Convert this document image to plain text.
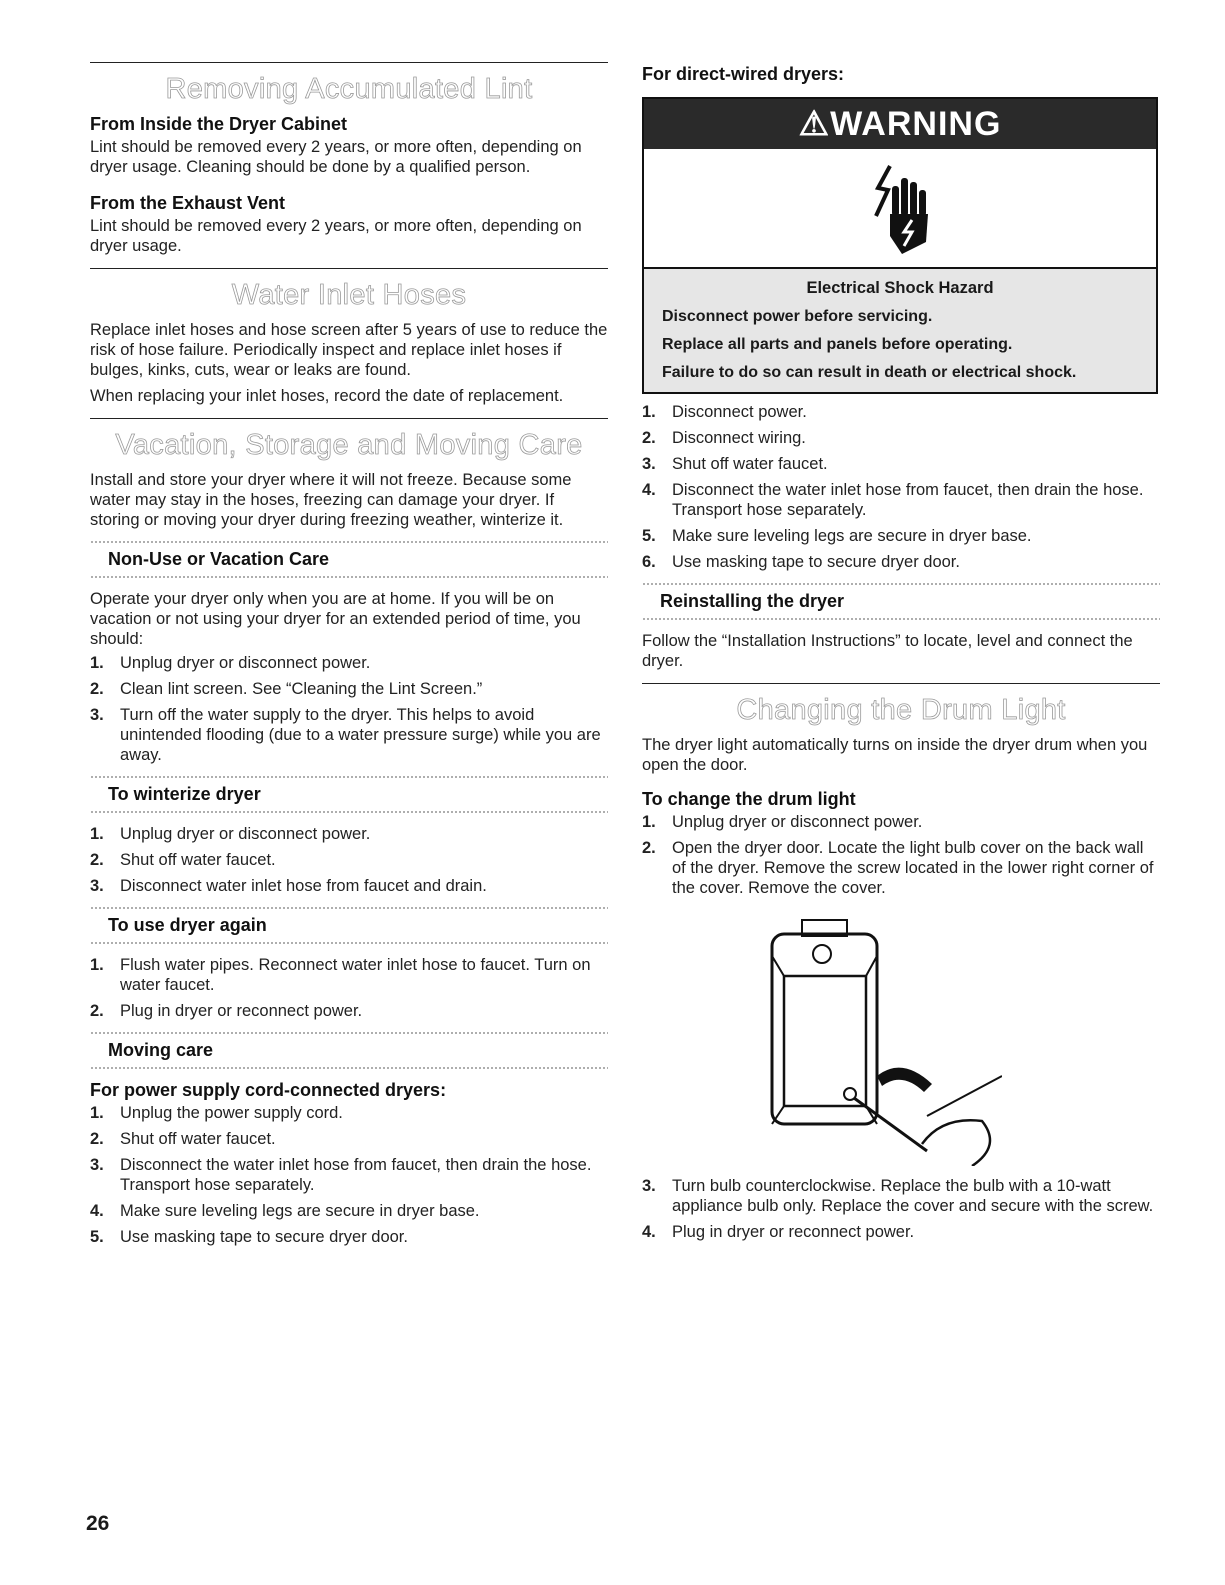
Removing Accumulated Lint
From Inside the Dryer Cabinet

Lint should be removed every 2 years, or more often, depending on dryer usage. Cleaning should be done by a qualified person.

From the Exhaust Vent

Lint should be removed every 2 years, or more often, depending on dryer usage.

Water Inlet Hoses

Replace inlet hoses and hose screen after 5 years of use to reduce the risk of hose failure. Periodically inspect and replace inlet hoses if bulges, kinks, cuts, wear or leaks are found.

When replacing your inlet hoses, record the date of replacement.

Vacation, Storage and Moving Care

Install and store your dryer where it will not freeze. Because some water may stay in the hoses, freezing can damage your dryer. If storing or moving your dryer during freezing weather, winterize it.

Non-Use or Vacation Care

Operate your dryer only when you are at home. If you will be on vacation or not using your dryer for an extended period of time, you should:

1. Unplug dryer or disconnect power.
2. Clean lint screen. See “Cleaning the Lint Screen.”
3. Turn off the water supply to the dryer. This helps to avoid unintended flooding (due to a water pressure surge) while you are away.
To winterize dryer
1. Unplug dryer or disconnect power.
2. Shut off water faucet.
3. Disconnect water inlet hose from faucet and drain.
To use dryer again
1. Flush water pipes. Reconnect water inlet hose to faucet. Turn on water faucet.
2. Plug in dryer or reconnect power.
Moving care
For power supply cord-connected dryers:
1. Unplug the power supply cord.
2. Shut off water faucet.
3. Disconnect the water inlet hose from faucet, then drain the hose. Transport hose separately.
4. Make sure leveling legs are secure in dryer base.
5. Use masking tape to secure dryer door.
For direct-wired dryers:
⚠WARNING
Electrical Shock Hazard
Disconnect power before servicing.
Replace all parts and panels before operating.
Failure to do so can result in death or electrical shock.
1. Disconnect power.
2. Disconnect wiring.
3. Shut off water faucet.
4. Disconnect the water inlet hose from faucet, then drain the hose. Transport hose separately.
5. Make sure leveling legs are secure in dryer base.
6. Use masking tape to secure dryer door.
Reinstalling the dryer

Follow the “Installation Instructions” to locate, level and connect the dryer.

Changing the Drum Light

The dryer light automatically turns on inside the dryer drum when you open the door.

To change the drum light
1. Unplug dryer or disconnect power.
2. Open the dryer door. Locate the light bulb cover on the back wall of the dryer. Remove the screw located in the lower right corner of the cover. Remove the cover.
3. Turn bulb counterclockwise. Replace the bulb with a 10-watt appliance bulb only. Replace the cover and secure with the screw.
4. Plug in dryer or reconnect power.
26
